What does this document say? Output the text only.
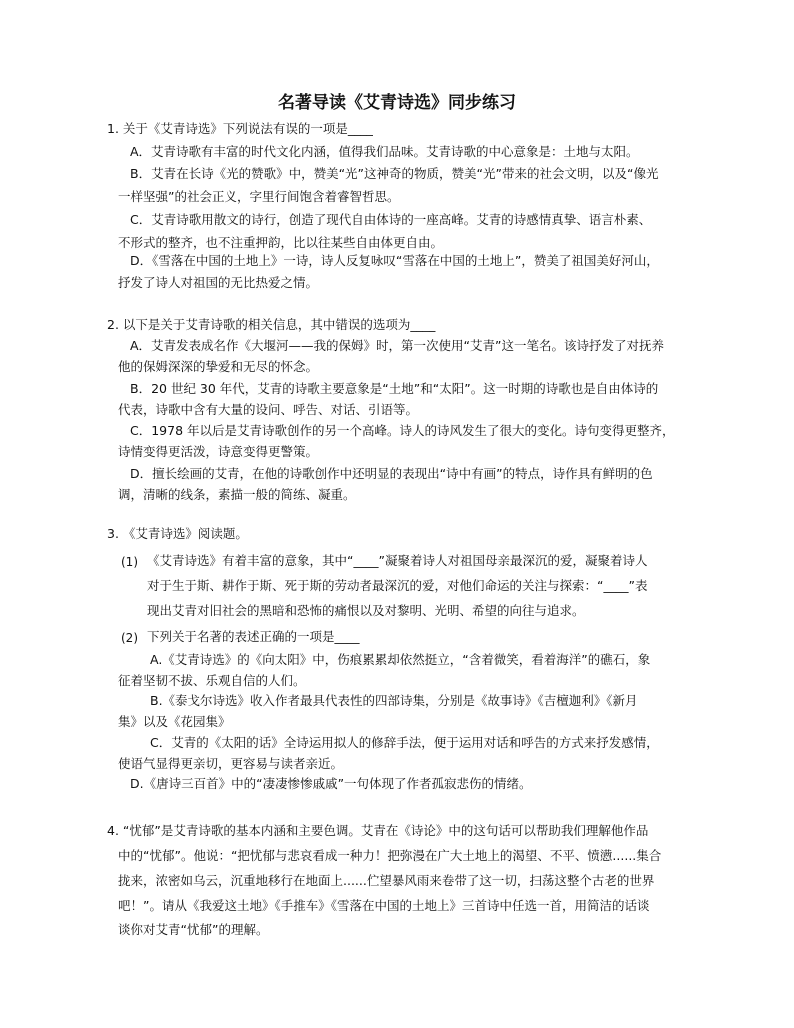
名著导读《艾青诗选》同步练习
1. 关于《艾青诗选》下列说法有误的一项是____
A．艾青诗歌有丰富的时代文化内涵，值得我们品味。艾青诗歌的中心意象是：土地与太阳。
B．艾青在长诗《光的赞歌》中，赞美“光”这神奇的物质，赞美“光”带来的社会文明，以及“像光
一样坚强”的社会正义，字里行间饱含着睿智哲思。
C．艾青诗歌用散文的诗行，创造了现代自由体诗的一座高峰。艾青的诗感情真挚、语言朴素、
不形式的整齐，也不注重押韵，比以往某些自由体更自由。
D．《雪落在中国的土地上》一诗，诗人反复咏叹“雪落在中国的土地上”，赞美了祖国美好河山，
抒发了诗人对祖国的无比热爱之情。
2. 以下是关于艾青诗歌的相关信息，其中错误的选项为____
A．艾青发表成名作《大堰河——我的保姆》时，第一次使用“艾青”这一笔名。该诗抒发了对抚养
他的保姆深深的挚爱和无尽的怀念。
B．20 世纪 30 年代，艾青的诗歌主要意象是“土地”和“太阳”。这一时期的诗歌也是自由体诗的
代表，诗歌中含有大量的设问、呼告、对话、引语等。
C．1978 年以后是艾青诗歌创作的另一个高峰。诗人的诗风发生了很大的变化。诗句变得更整齐，
诗情变得更活泼，诗意变得更警策。
D．擅长绘画的艾青，在他的诗歌创作中还明显的表现出“诗中有画”的特点，诗作具有鲜明的色
调，清晰的线条，素描一般的简练、凝重。
3. 《艾青诗选》阅读题。
(1) 《艾青诗选》有着丰富的意象，其中“____”凝聚着诗人对祖国母亲最深沉的爱，凝聚着诗人
对于生于斯、耕作于斯、死于斯的劳动者最深沉的爱，对他们命运的关注与探索：“____”表
现出艾青对旧社会的黑暗和恐怖的痛恨以及对黎明、光明、希望的向往与追求。
(2) 下列关于名著的表述正确的一项是____
A.《艾青诗选》的《向太阳》中，伤痕累累却依然挺立，“含着微笑，看着海洋”的礁石，象
征着坚韧不拔、乐观自信的人们。
B.《泰戈尔诗选》收入作者最具代表性的四部诗集，分别是《故事诗》《吉檀迦利》《新月
集》以及《花园集》
C．艾青的《太阳的话》全诗运用拟人的修辞手法，便于运用对话和呼告的方式来抒发感情，
使语气显得更亲切，更容易与读者亲近。
D.《唐诗三百首》中的“凄凄惨惨戚戚”一句体现了作者孤寂悲伤的情绪。
4. “忧郁”是艾青诗歌的基本内涵和主要色调。艾青在《诗论》中的这句话可以帮助我们理解他作品
中的“忧郁”。他说：“把忧郁与悲哀看成一种力！把弥漫在广大土地上的渴望、不平、愤懑......集合
拢来，浓密如乌云，沉重地移行在地面上......伫望暴风雨来卷带了这一切，扫荡这整个古老的世界
吧！”。请从《我爱这土地》《手推车》《雪落在中国的土地上》三首诗中任选一首，用简洁的话谈
谈你对艾青“忧郁”的理解。
